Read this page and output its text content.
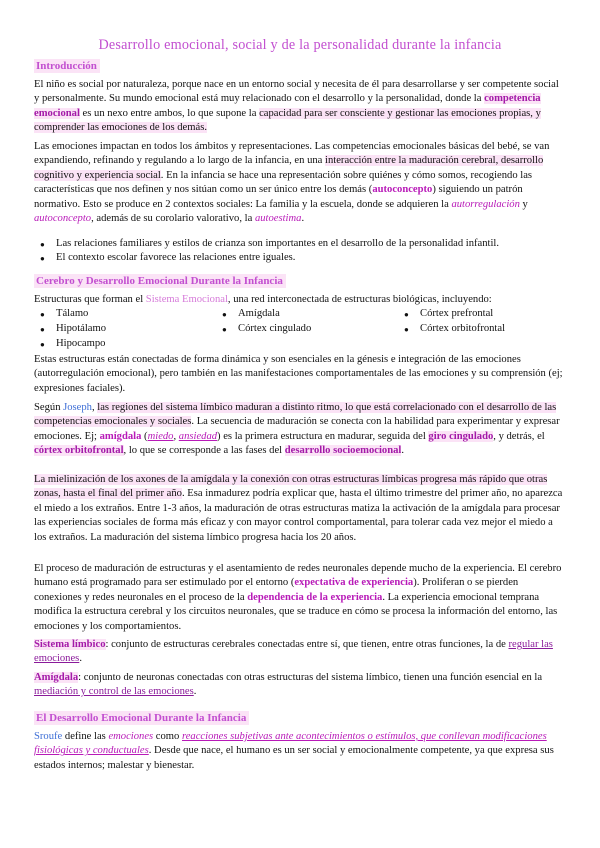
Desarrollo emocional, social y de la personalidad durante la infancia
Introducción

El niño es social por naturaleza, porque nace en un entorno social y necesita de él para desarrollarse y ser competente social y personalmente. Su mundo emocional está muy relacionado con el desarrollo y la personalidad, donde la competencia emocional es un nexo entre ambos, lo que supone la capacidad para ser consciente y gestionar las emociones propias, y comprender las emociones de los demás.

Las emociones impactan en todos los ámbitos y representaciones. Las competencias emocionales básicas del bebé, se van expandiendo, refinando y regulando a lo largo de la infancia, en una interacción entre la maduración cerebral, desarrollo cognitivo y experiencia social. En la infancia se hace una representación sobre quiénes y cómo somos, recogiendo las características que nos definen y nos sitúan como un ser único entre los demás (autoconcepto) siguiendo un patrón normativo. Esto se produce en 2 contextos sociales: La familia y la escuela, donde se adquieren la autorregulación y autoconcepto, además de su corolario valorativo, la autoestima.

● Las relaciones familiares y estilos de crianza son importantes en el desarrollo de la personalidad infantil.
● El contexto escolar favorece las relaciones entre iguales.
Cerebro y Desarrollo Emocional Durante la Infancia

Estructuras que forman el Sistema Emocional, una red interconectada de estructuras biológicas, incluyendo:

● Tálamo
● Hipotálamo
● Hipocampo
● Amígdala
● Córtex cingulado
● Córtex prefrontal
● Córtex orbitofrontal

Estas estructuras están conectadas de forma dinámica y son esenciales en la génesis e integración de las emociones (autorregulación emocional), pero también en las manifestaciones comportamentales de las emociones y su comprensión (ej; expresiones faciales).

Según Joseph, las regiones del sistema límbico maduran a distinto ritmo, lo que está correlacionado con el desarrollo de las competencias emocionales y sociales. La secuencia de maduración se conecta con la habilidad para experimentar y expresar emociones. Ej; amígdala (miedo, ansiedad) es la primera estructura en madurar, seguida del giro cingulado, y detrás, el córtex orbitofrontal, lo que se corresponde a las fases del desarrollo socioemocional.

La mielinización de los axones de la amígdala y la conexión con otras estructuras límbicas progresa más rápido que otras zonas, hasta el final del primer año. Esa inmadurez podría explicar que, hasta el último trimestre del primer año, no aparezca el miedo a los extraños. Entre 1-3 años, la maduración de otras estructuras matiza la activación de la amígdala para procesar las experiencias sociales de forma más eficaz y con mayor control comportamental, para tolerar cada vez mejor el miedo a los extraños. La maduración del sistema límbico progresa hacia los 20 años.

El proceso de maduración de estructuras y el asentamiento de redes neuronales depende mucho de la experiencia. El cerebro humano está programado para ser estimulado por el entorno (expectativa de experiencia). Proliferan o se pierden conexiones y redes neuronales en el proceso de la dependencia de la experiencia. La experiencia emocional temprana modifica la estructura cerebral y los circuitos neuronales, que se traduce en cómo se procesa la información del entorno, las emociones y los comportamientos.

Sistema límbico: conjunto de estructuras cerebrales conectadas entre sí, que tienen, entre otras funciones, la de regular las emociones.

Amígdala: conjunto de neuronas conectadas con otras estructuras del sistema límbico, tienen una función esencial en la mediación y control de las emociones.

El Desarrollo Emocional Durante la Infancia

Sroufe define las emociones como reacciones subjetivas ante acontecimientos o estímulos, que conllevan modificaciones fisiológicas y conductuales. Desde que nace, el humano es un ser social y emocionalmente competente, ya que expresa sus estados internos; malestar y bienestar.
